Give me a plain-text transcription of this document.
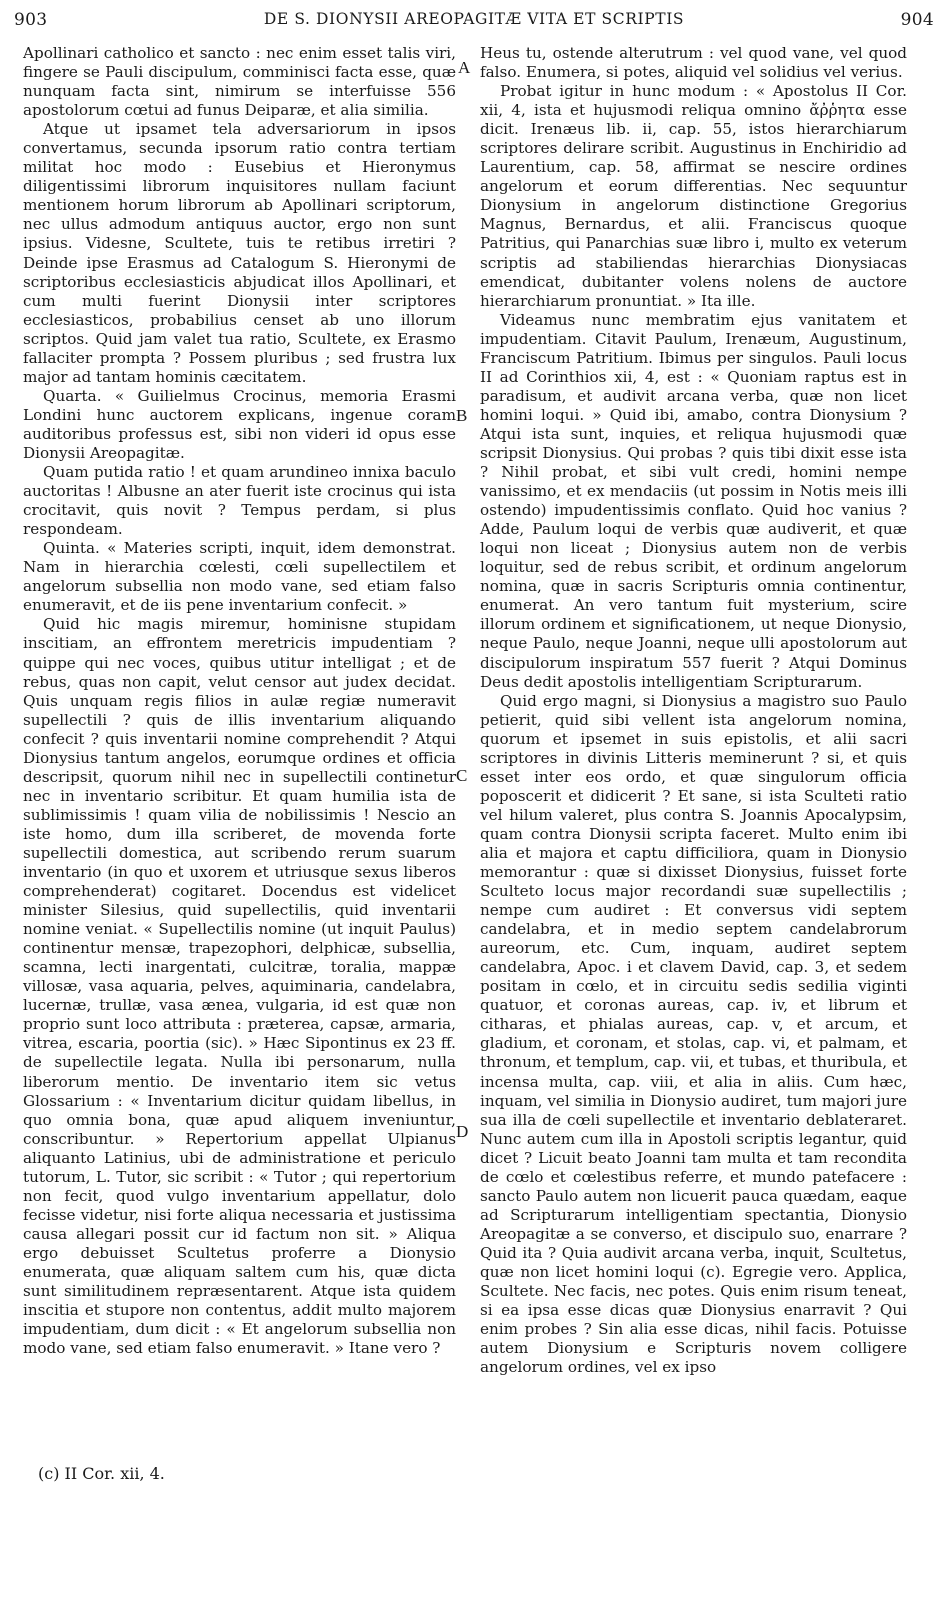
903	DE S. DIONYSII AREOPAGITÆ VITA ET SCRIPTIS	904
A
B
C
D

Apollinari catholico et sancto : nec enim esset talis viri, fingere se Pauli discipulum, comminisci facta esse, quæ nunquam facta sint, nimirum se interfuisse 556 apostolorum cœtui ad funus Deiparæ, et alia similia.

Atque ut ipsamet tela adversariorum in ipsos convertamus, secunda ipsorum ratio contra tertiam militat hoc modo : Eusebius et Hieronymus diligentissimi librorum inquisitores nullam faciunt mentionem horum librorum ab Apollinari scriptorum, nec ullus admodum antiquus auctor, ergo non sunt ipsius. Videsne, Scultete, tuis te retibus irretiri ? Deinde ipse Erasmus ad Catalogum S. Hieronymi de scriptoribus ecclesiasticis abjudicat illos Apollinari, et cum multi fuerint Dionysii inter scriptores ecclesiasticos, probabilius censet ab uno illorum scriptos. Quid jam valet tua ratio, Scultete, ex Erasmo fallaciter prompta ? Possem pluribus ; sed frustra lux major ad tantam hominis cæcitatem.

Quarta. « Guilielmus Crocinus, memoria Erasmi Londini hunc auctorem explicans, ingenue coram auditoribus professus est, sibi non videri id opus esse Dionysii Areopagitæ.

Quam putida ratio ! et quam arundineo innixa baculo auctoritas ! Albusne an ater fuerit iste crocinus qui ista crocitavit, quis novit ? Tempus perdam, si plus respondeam.

Quinta. « Materies scripti, inquit, idem demonstrat. Nam in hierarchia cœlesti, cœli supellectilem et angelorum subsellia non modo vane, sed etiam falso enumeravit, et de iis pene inventarium confecit. »

Quid hic magis miremur, hominisne stupidam inscitiam, an effrontem meretricis impudentiam ? quippe qui nec voces, quibus utitur intelligat ; et de rebus, quas non capit, velut censor aut judex decidat. Quis unquam regis filios in aulæ regiæ numeravit supellectili ? quis de illis inventarium aliquando confecit ? quis inventarii nomine comprehendit ? Atqui Dionysius tantum angelos, eorumque ordines et officia descripsit, quorum nihil nec in supellectili continetur nec in inventario scribitur. Et quam humilia ista de sublimissimis ! quam vilia de nobilissimis ! Nescio an iste homo, dum illa scriberet, de movenda forte supellectili domestica, aut scribendo rerum suarum inventario (in quo et uxorem et utriusque sexus liberos comprehenderat) cogitaret. Docendus est videlicet minister Silesius, quid supellectilis, quid inventarii nomine veniat. « Supellectilis nomine (ut inquit Paulus) continentur mensæ, trapezophori, delphicæ, subsellia, scamna, lecti inargentati, culcitræ, toralia, mappæ villosæ, vasa aquaria, pelves, aquiminaria, candelabra, lucernæ, trullæ, vasa ænea, vulgaria, id est quæ non proprio sunt loco attributa : præterea, capsæ, armaria, vitrea, escaria, poortia (sic). » Hæc Sipontinus ex 23 ff. de supellectile legata. Nulla ibi personarum, nulla liberorum mentio. De inventario item sic vetus Glossarium : « Inventarium dicitur quidam libellus, in quo omnia bona, quæ apud aliquem inveniuntur, conscribuntur. » Repertorium appellat Ulpianus aliquanto Latinius, ubi de administratione et periculo tutorum, L. Tutor, sic scribit : « Tutor ; qui repertorium non fecit, quod vulgo inventarium appellatur, dolo fecisse videtur, nisi forte aliqua necessaria et justissima causa allegari possit cur id factum non sit. » Aliqua ergo debuisset Scultetus proferre a Dionysio enumerata, quæ aliquam saltem cum his, quæ dicta sunt similitudinem repræsentarent. Atque ista quidem inscitia et stupore non contentus, addit multo majorem impudentiam, dum dicit : « Et angelorum subsellia non modo vane, sed etiam falso enumeravit. » Itane vero ?

Heus tu, ostende alterutrum : vel quod vane, vel quod falso. Enumera, si potes, aliquid vel solidius vel verius.

Probat igitur in hunc modum : « Apostolus II Cor. xii, 4, ista et hujusmodi reliqua omnino ἄῤῥητα esse dicit. Irenæus lib. ii, cap. 55, istos hierarchiarum scriptores delirare scribit. Augustinus in Enchiridio ad Laurentium, cap. 58, affirmat se nescire ordines angelorum et eorum differentias. Nec sequuntur Dionysium in angelorum distinctione Gregorius Magnus, Bernardus, et alii. Franciscus quoque Patritius, qui Panarchias suæ libro i, multo ex veterum scriptis ad stabiliendas hierarchias Dionysiacas emendicat, dubitanter volens nolens de auctore hierarchiarum pronuntiat. » Ita ille.

Videamus nunc membratim ejus vanitatem et impudentiam. Citavit Paulum, Irenæum, Augustinum, Franciscum Patritium. Ibimus per singulos. Pauli locus II ad Corinthios xii, 4, est : « Quoniam raptus est in paradisum, et audivit arcana verba, quæ non licet homini loqui. » Quid ibi, amabo, contra Dionysium ? Atqui ista sunt, inquies, et reliqua hujusmodi quæ scripsit Dionysius. Qui probas ? quis tibi dixit esse ista ? Nihil probat, et sibi vult credi, homini nempe vanissimo, et ex mendaciis (ut possim in Notis meis illi ostendo) impudentissimis conflato. Quid hoc vanius ? Adde, Paulum loqui de verbis quæ audiverit, et quæ loqui non liceat ; Dionysius autem non de verbis loquitur, sed de rebus scribit, et ordinum angelorum nomina, quæ in sacris Scripturis omnia continentur, enumerat. An vero tantum fuit mysterium, scire illorum ordinem et significationem, ut neque Dionysio, neque Paulo, neque Joanni, neque ulli apostolorum aut discipulorum inspiratum 557 fuerit ? Atqui Dominus Deus dedit apostolis intelligentiam Scripturarum.

Quid ergo magni, si Dionysius a magistro suo Paulo petierit, quid sibi vellent ista angelorum nomina, quorum et ipsemet in suis epistolis, et alii sacri scriptores in divinis Litteris meminerunt ? si, et quis esset inter eos ordo, et quæ singulorum officia poposcerit et didicerit ? Et sane, si ista Sculteti ratio vel hilum valeret, plus contra S. Joannis Apocalypsim, quam contra Dionysii scripta faceret. Multo enim ibi alia et majora et captu difficiliora, quam in Dionysio memorantur : quæ si dixisset Dionysius, fuisset forte Sculteto locus major recordandi suæ supellectilis ; nempe cum audiret : Et conversus vidi septem candelabra, et in medio septem candelabrorum aureorum, etc. Cum, inquam, audiret septem candelabra, Apoc. i et clavem David, cap. 3, et sedem positam in cœlo, et in circuitu sedis sedilia viginti quatuor, et coronas aureas, cap. iv, et librum et citharas, et phialas aureas, cap. v, et arcum, et gladium, et coronam, et stolas, cap. vi, et palmam, et thronum, et templum, cap. vii, et tubas, et thuribula, et incensa multa, cap. viii, et alia in aliis. Cum hæc, inquam, vel similia in Dionysio audiret, tum majori jure sua illa de cœli supellectile et inventario deblateraret. Nunc autem cum illa in Apostoli scriptis legantur, quid dicet ? Licuit beato Joanni tam multa et tam recondita de cœlo et cœlestibus referre, et mundo patefacere : sancto Paulo autem non licuerit pauca quædam, eaque ad Scripturarum intelligentiam spectantia, Dionysio Areopagitæ a se converso, et discipulo suo, enarrare ? Quid ita ? Quia audivit arcana verba, inquit, Scultetus, quæ non licet homini loqui (c). Egregie vero. Applica, Scultete. Nec facis, nec potes. Quis enim risum teneat, si ea ipsa esse dicas quæ Dionysius enarravit ? Qui enim probes ? Sin alia esse dicas, nihil facis. Potuisse autem Dionysium e Scripturis novem colligere angelorum ordines, vel ex ipso

(c) II Cor. xii, 4.
